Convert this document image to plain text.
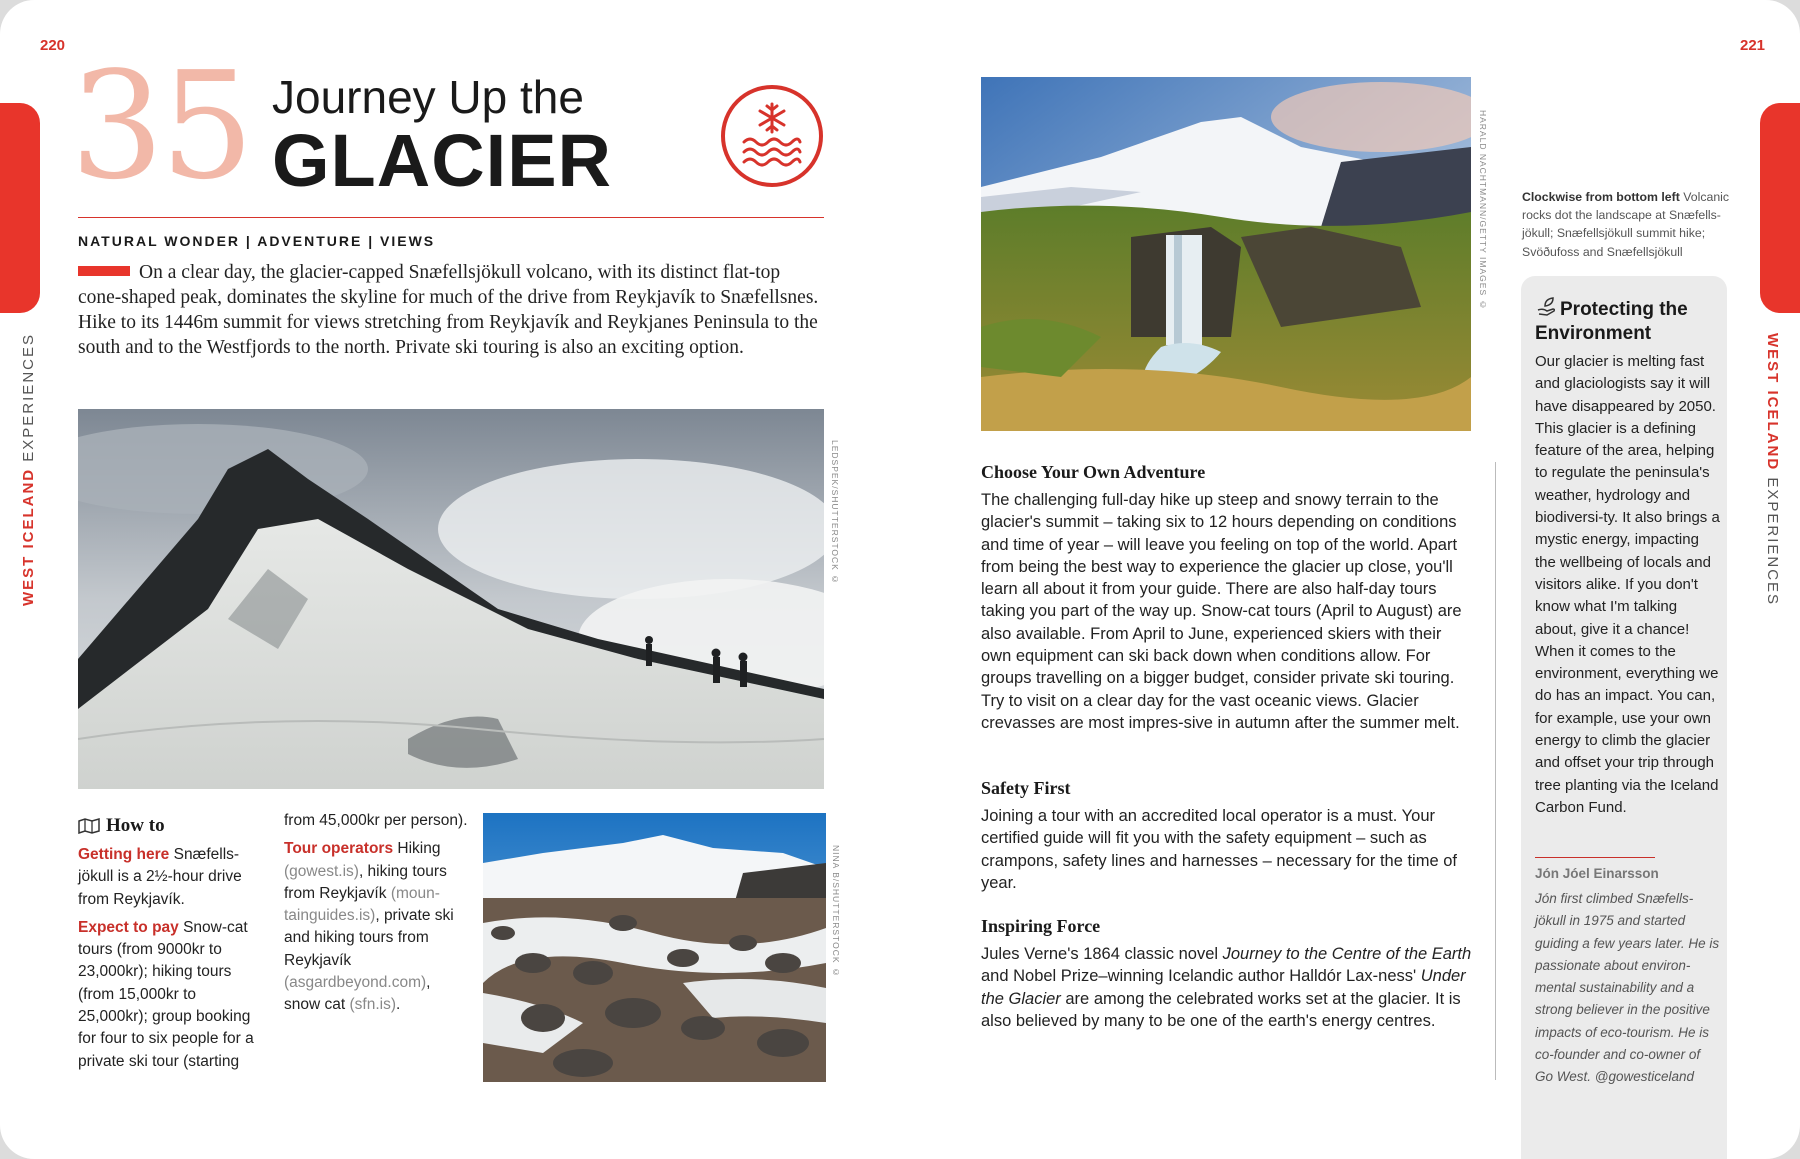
220
WEST ICELAND EXPERIENCES
35 Journey Up the
GLACIER
NATURAL WONDER | ADVENTURE | VIEWS
On a clear day, the glacier-capped Snæfellsjökull volcano, with its distinct flat-top cone-shaped peak, dominates the skyline for much of the drive from Reykjavík to Snæfellsnes. Hike to its 1446m summit for views stretching from Reykjavík and Reykjanes Peninsula to the south and to the Westfjords to the north. Private ski touring is also an exciting option.
LEDSPEK/SHUTTERSTOCK ©
How to

Getting here Snæfells-jökull is a 2½-hour drive from Reykjavík.

Expect to pay Snow-cat tours (from 9000kr to 23,000kr); hiking tours (from 15,000kr to 25,000kr); group booking for four to six people for a private ski tour (starting

from 45,000kr per person).

Tour operators Hiking (gowest.is), hiking tours from Reykjavík (moun-tainguides.is), private ski and hiking tours from Reykjavík (asgardbeyond.com), snow cat (sfn.is).

NINA B/SHUTTERSTOCK ©
221
WEST ICELAND EXPERIENCES
HARALD NACHTMANN/GETTY IMAGES ©
Choose Your Own Adventure

The challenging full-day hike up steep and snowy terrain to the glacier's summit – taking six to 12 hours depending on conditions and time of year – will leave you feeling on top of the world. Apart from being the best way to experience the glacier up close, you'll learn all about it from your guide. There are also half-day tours taking you part of the way up. Snow-cat tours (April to August) are also available. From April to June, experienced skiers with their own equipment can ski back down when conditions allow. For groups travelling on a bigger budget, consider private ski touring. Try to visit on a clear day for the vast oceanic views. Glacier crevasses are most impres-sive in autumn after the summer melt.

Safety First

Joining a tour with an accredited local operator is a must. Your certified guide will fit you with the safety equipment – such as crampons, safety lines and harnesses – necessary for the time of year.

Inspiring Force

Jules Verne's 1864 classic novel Journey to the Centre of the Earth and Nobel Prize–winning Icelandic author Halldór Lax-ness' Under the Glacier are among the celebrated works set at the glacier. It is also believed by many to be one of the earth's energy centres.

Clockwise from bottom left Volcanic rocks dot the landscape at Snæfells-jökull; Snæfellsjökull summit hike; Svöðufoss and Snæfellsjökull
Protecting the Environment
Our glacier is melting fast and glaciologists say it will have disappeared by 2050. This glacier is a defining feature of the area, helping to regulate the peninsula's weather, hydrology and biodiversi-ty. It also brings a mystic energy, impacting the wellbeing of locals and visitors alike. If you don't know what I'm talking about, give it a chance! When it comes to the environment, everything we do has an impact. You can, for example, use your own energy to climb the glacier and offset your trip through tree planting via the Iceland Carbon Fund.
Jón Jóel Einarsson
Jón first climbed Snæfells-jökull in 1975 and started guiding a few years later. He is passionate about environ-mental sustainability and a strong believer in the positive impacts of eco-tourism. He is co-founder and co-owner of Go West. @gowesticeland
